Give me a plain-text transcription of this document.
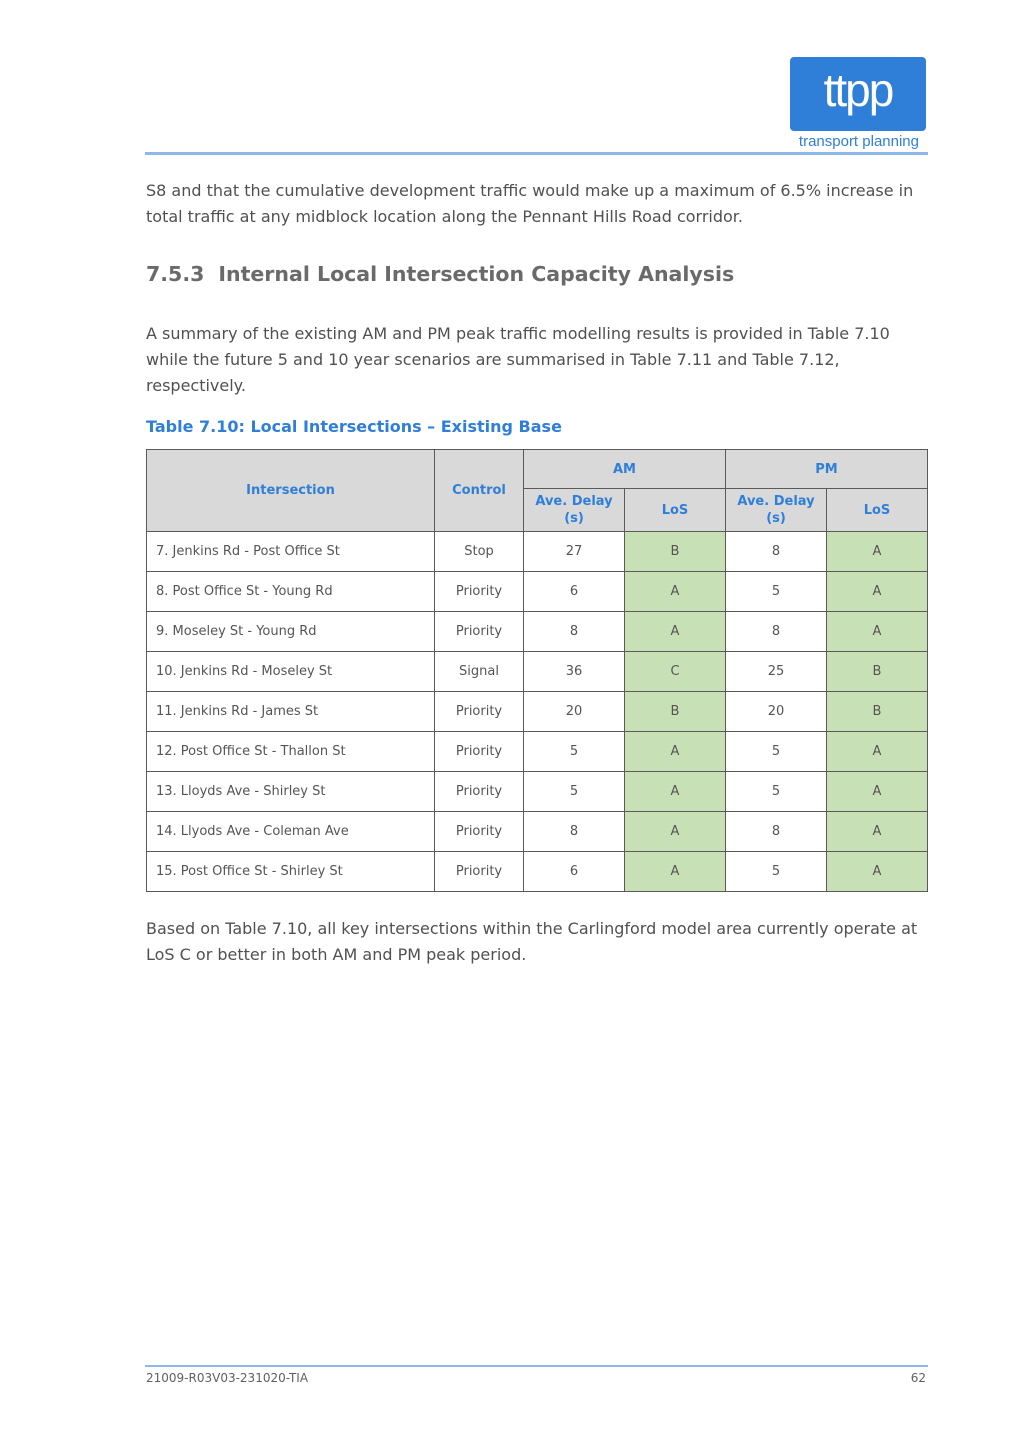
ttpp
transport planning

S8 and that the cumulative development traffic would make up a maximum of 6.5% increase in total traffic at any midblock location along the Pennant Hills Road corridor.

7.5.3 Internal Local Intersection Capacity Analysis

A summary of the existing AM and PM peak traffic modelling results is provided in Table 7.10 while the future 5 and 10 year scenarios are summarised in Table 7.11 and Table 7.12, respectively.

Table 7.10: Local Intersections – Existing Base

Intersection	Control	AM		PM	
		Ave. Delay (s)	LoS	Ave. Delay (s)	LoS
7. Jenkins Rd - Post Office St	Stop	27	B	8	A
8. Post Office St - Young Rd	Priority	6	A	5	A
9. Moseley St - Young Rd	Priority	8	A	8	A
10. Jenkins Rd - Moseley St	Signal	36	C	25	B
11. Jenkins Rd - James St	Priority	20	B	20	B
12. Post Office St - Thallon St	Priority	5	A	5	A
13. Lloyds Ave - Shirley St	Priority	5	A	5	A
14. Llyods Ave - Coleman Ave	Priority	8	A	8	A
15. Post Office St - Shirley St	Priority	6	A	5	A

Based on Table 7.10, all key intersections within the Carlingford model area currently operate at LoS C or better in both AM and PM peak period.

21009-R03V03-231020-TIA	62
